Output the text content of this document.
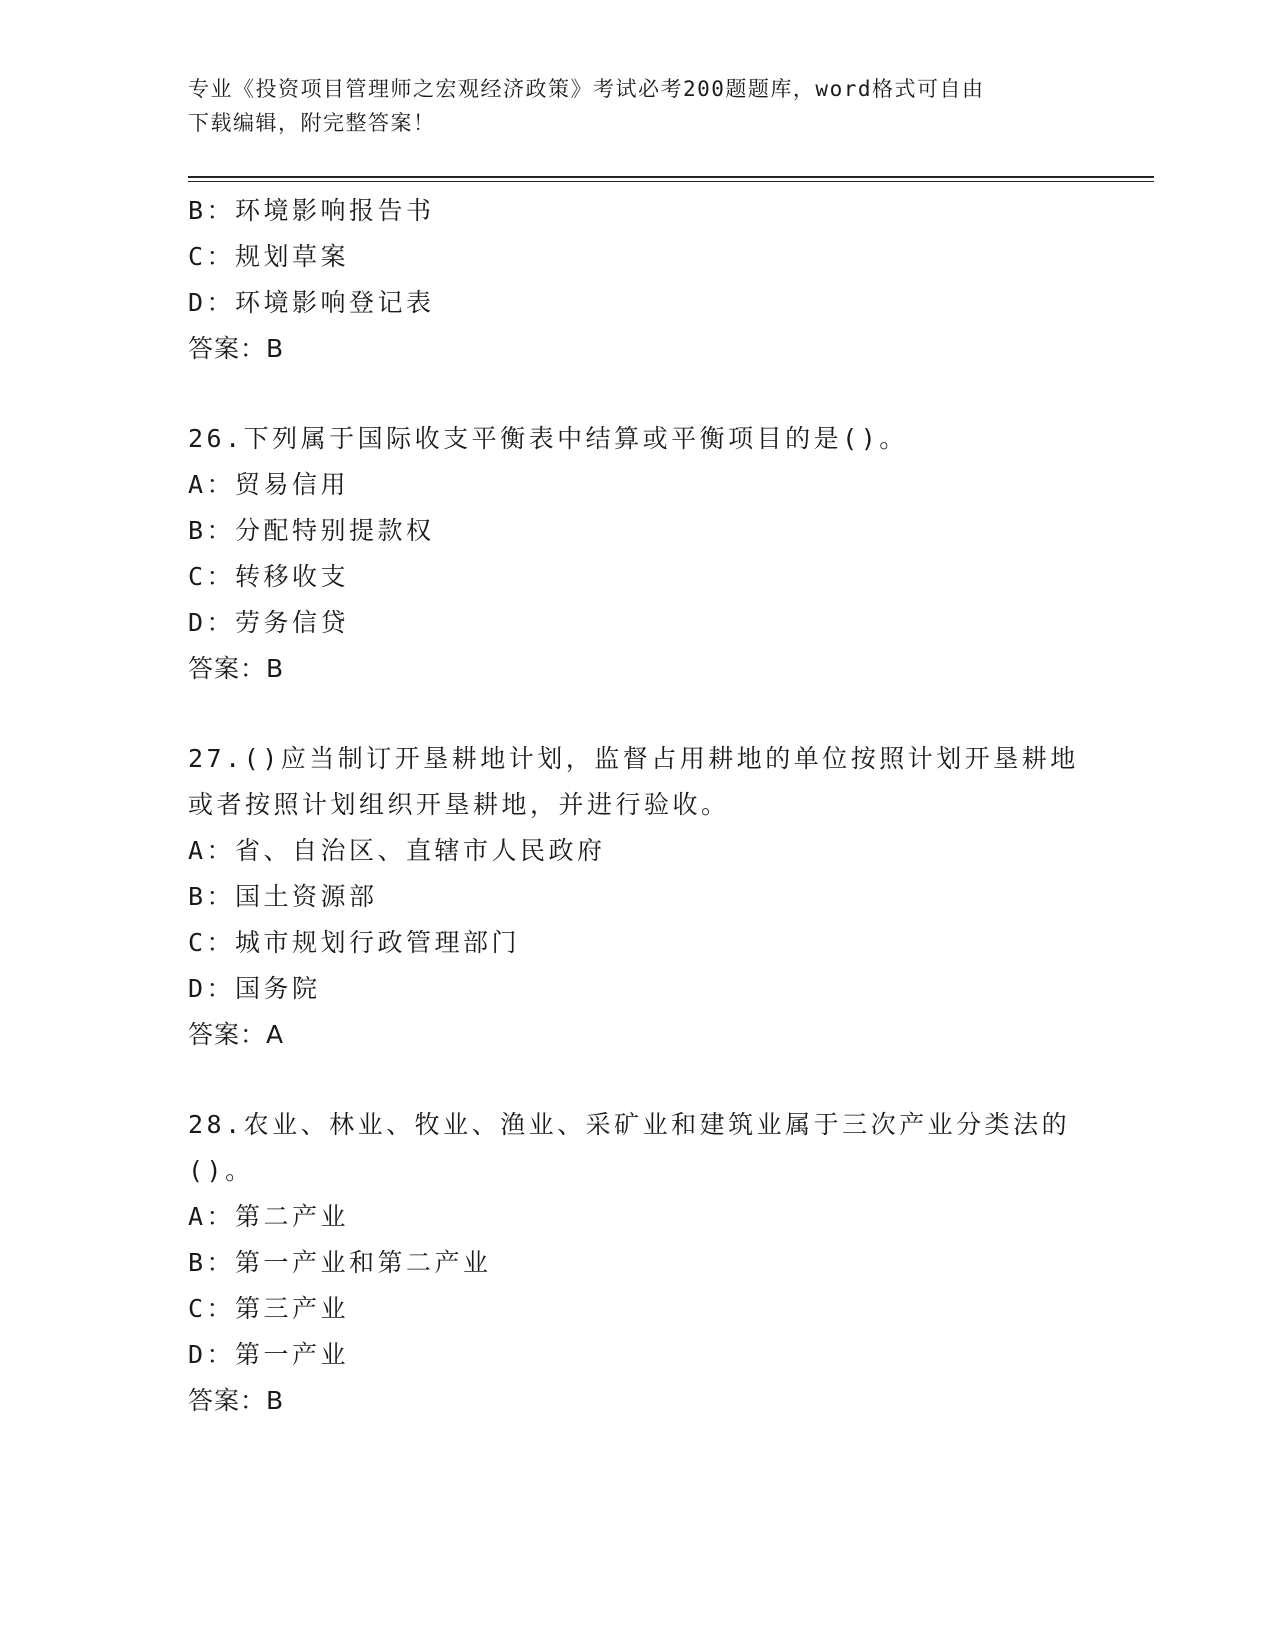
专业《投资项目管理师之宏观经济政策》考试必考200题题库，word格式可自由
下载编辑，附完整答案！
B：环境影响报告书
C：规划草案
D：环境影响登记表
答案：B
26.下列属于国际收支平衡表中结算或平衡项目的是()。
A：贸易信用
B：分配特别提款权
C：转移收支
D：劳务信贷
答案：B
27.()应当制订开垦耕地计划，监督占用耕地的单位按照计划开垦耕地或者按照计划组织开垦耕地，并进行验收。
A：省、自治区、直辖市人民政府
B：国土资源部
C：城市规划行政管理部门
D：国务院
答案：A
28.农业、林业、牧业、渔业、采矿业和建筑业属于三次产业分类法的()。
A：第二产业
B：第一产业和第二产业
C：第三产业
D：第一产业
答案：B
